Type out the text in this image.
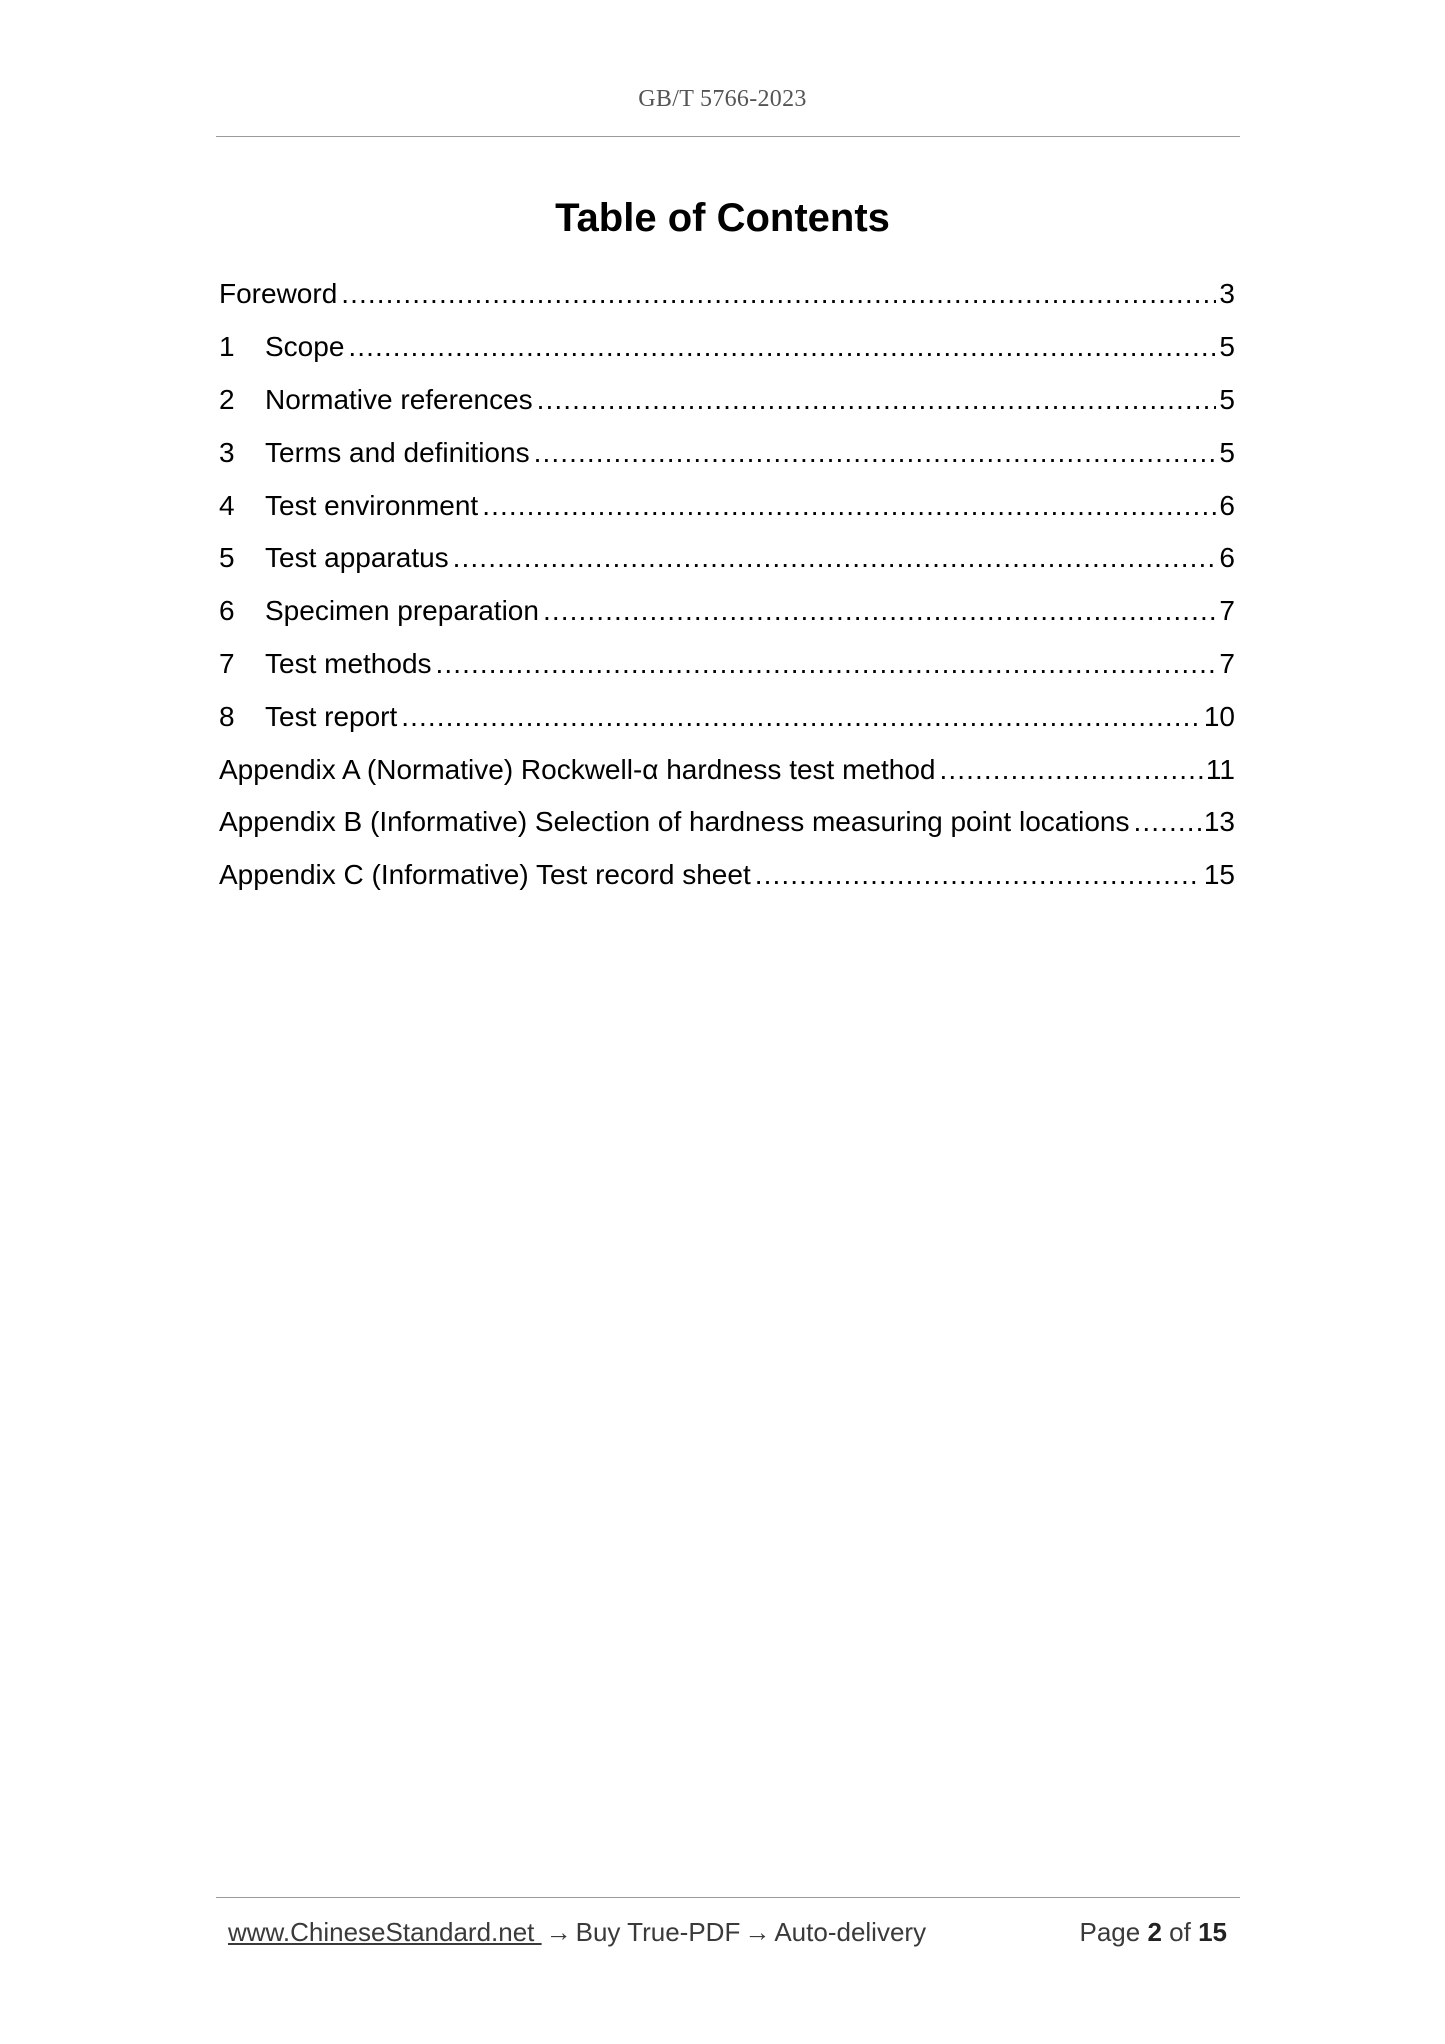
GB/T 5766-2023
Table of Contents
Foreword .....	3
1	Scope .....	5
2	Normative references .....	5
3	Terms and definitions .....	5
4	Test environment .....	6
5	Test apparatus .....	6
6	Specimen preparation .....	7
7	Test methods .....	7
8	Test report .....	10
Appendix A (Normative) Rockwell-α hardness test method .....	11
Appendix B (Informative) Selection of hardness measuring point locations .....	13
Appendix C (Informative) Test record sheet .....	15
www.ChineseStandard.net → Buy True-PDF → Auto-delivery	Page 2 of 15
